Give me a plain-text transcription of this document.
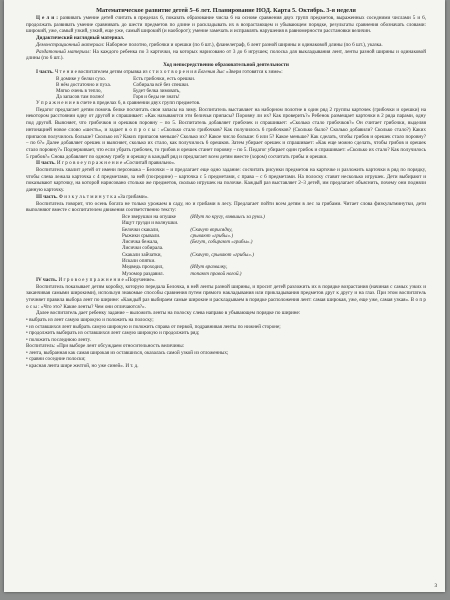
Математическое развитие детей 5–6 лет. Планирование НОД. Карта 5. Октябрь. 3-я неделя

Ц е л и : развивать умение детей считать в пределах 6, показать образование числа 6 на основе сравнения двух групп предметов, выраженных соседними числами 5 и 6, продолжать развивать умение сравнивать до шести предметов по длине и раскладывать их в возрастающем и убывающем порядке, результаты сравнения обозначать словами: широкий, уже, самый узкий, узкий, еще уже, самый широкий (и наоборот); умение замечать и исправлять нарушения в равномерности расстановки величин.

Дидактический наглядный материал.

Демонстрационный материал: Наборное полотно, грибочки и орешки (по 6 шт.), фланелеграф, 6 лент разной ширины и одинаковой длины (по 6 шт.), указка.

Раздаточный материал: На каждого ребенка по 3 карточки, на которых нарисовано от 3 до 6 игрушек; полоска для выкладывания лент, ленты разной ширины и одинаковой длины (по 6 шт.).

Ход непосредственно образовательной деятельности

I часть. Ч т е н и е воспитателем детям отрывка из с т и х о т в о р е н и я Евгения Зыс «Звери готовятся к зиме»:

В домике у белки сухо.	Есть грибочки, есть орешки.
В нём достаточно и пуха.	Собирала всё без спешки.
Мягко очень в тепло,	Будет белка зимовать,
Да запасов там полно!	Горя и беды не знать!

У п р а ж н е н и е в счете в пределах 6, в сравнении двух групп предметов.

Педагог предлагает детям помочь белке посчитать свои запасы на зиму. Воспитатель выставляет на наборном полотне в один ряд 2 группы карточек (грибочки и орешки) на некотором расстоянии одну от другой и спрашивает: «Как называются эти беличьи припасы? Поровну ли их? Как проверить?» Ребенок размещает карточки в 2 ряда парами, одну под другой. Выясняет, что грибочков и орешков поровну – по 5. Воспитатель добавляет грибочек и спрашивает: «Сколько стало грибочков?» Он считает грибочки, выделяя интонацией новое слово «шесть», и задает в о п р о с ы : «Сколько стало грибочков? Как получилось 6 грибочков? (Сколько было? Сколько добавили? Сколько стало?) Каких припасов получилось больше? Сколько их? Каких припасов меньше? Сколько их? Какое число больше: 6 или 5? Какое меньше? Как сделать, чтобы грибов и орешек стало поровну? – по 6?» Далее добавляет орешек и выясняет, сколько их стало, как получилось 6 орешков. Затем убирает орешек и спрашивает: «Как еще можно сделать, чтобы грибов и орешек стало поровну?» Подчеркивает, что если убрать грибочек, то грибов и орешек станет поровну – по 5. Педагог убирает один грибок и спрашивает: «Сколько их стало? Как получилось 5 грибов?» Снова добавляет по одному грибу и орешку в каждый ряд и предлагает всем детям вместе (хором) сосчитать грибы и орешки.

II часть. И г р о в о е у п р а ж н е н и е «Сосчитай правильно».

Воспитатель хвалит детей от имени персонажа – Белочки – и предлагает еще одно задание: сосчитать рисунки предметов на карточке и разложить карточки в ряд по порядку, чтобы слева лежала карточка с 4 предметами, за ней (посредине) – карточка с 5 предметами, с правa – с 6 предметами. На полоску ставит несколько игрушек. Дети выбирают и показывают карточку, на которой нарисовано столько же предметов, сколько игрушек на полочке. Каждый раз выставляет 2–3 детей, им предлагает объяснить, почему они подняли данную карточку.

III часть. Ф и з к у л ь т м и н у т к а «За грибами».

Воспитатель говорит, что осень богата не только урожаем в саду, но и грибами в лесу. Предлагает пойти всем детям в лес за грибами. Читает слова физкультминутки, дети выполняют вместе с воспитателем движения соответственно тексту:

Все зверушки на опушке	(Идут по кругу, взявшись за руки.)
Ищут грузди и волнушки.	
Белочки скакали,	(Скачут вприсядку,
Рыжики срывали.	срывают «грибы».)
Лисичка бежала,	(Бегут, собирают «грибы».)
Лисички собирала.	
Скакали зайчатки,	(Скачут, срывают «грибы».)
Искали опятки.	
Медведь проходил,	(Идут вразвалку,
Мухомор раздавил.	топают правой ногой.)

IV часть. И г р о в о е у п р а ж н е н и е «Поручение».

Воспитатель показывает детям коробку, которую передала Белочка, в ней ленты разной ширины, и просит детей разложить их в порядке возрастания (начиная с самых узких и заканчивая самыми широкими), используя знакомые способы сравнения путем прямого накладывания или прикладывания предметов друг к другу и на глаз. При этом воспитатель уточняет правила выбора лент по ширине: «Каждый раз выбираем самые широкие и раскладываем в порядке расположения лент: самая широкая, уже, еще уже, самая узкая». В о п р о с ы : «Что это? Какие ленты? Чем они отличаются?».

Далее воспитатель дает ребенку задание – выложить ленты на полоску слева направо в убывающем порядке по ширине:

• выбрать из лент самую широкую и положить на полоску;
• из оставшихся лент выбрать самую широкую и положить справа от первой, подравнивая ленты по нижней стороне;
• продолжить выбирать из оставшихся лент самую широкую и продолжить ряд;
• положить последнюю ленту.

Воспитатель: «При выборе лент обсуждаем относительность величины:

• лента, выбранная как самая широкая из оставшихся, оказалась самой узкой из отложенных;
• сравни соседние полоски;
• красная лента шире желтой, но уже синей». И т. д.
3
